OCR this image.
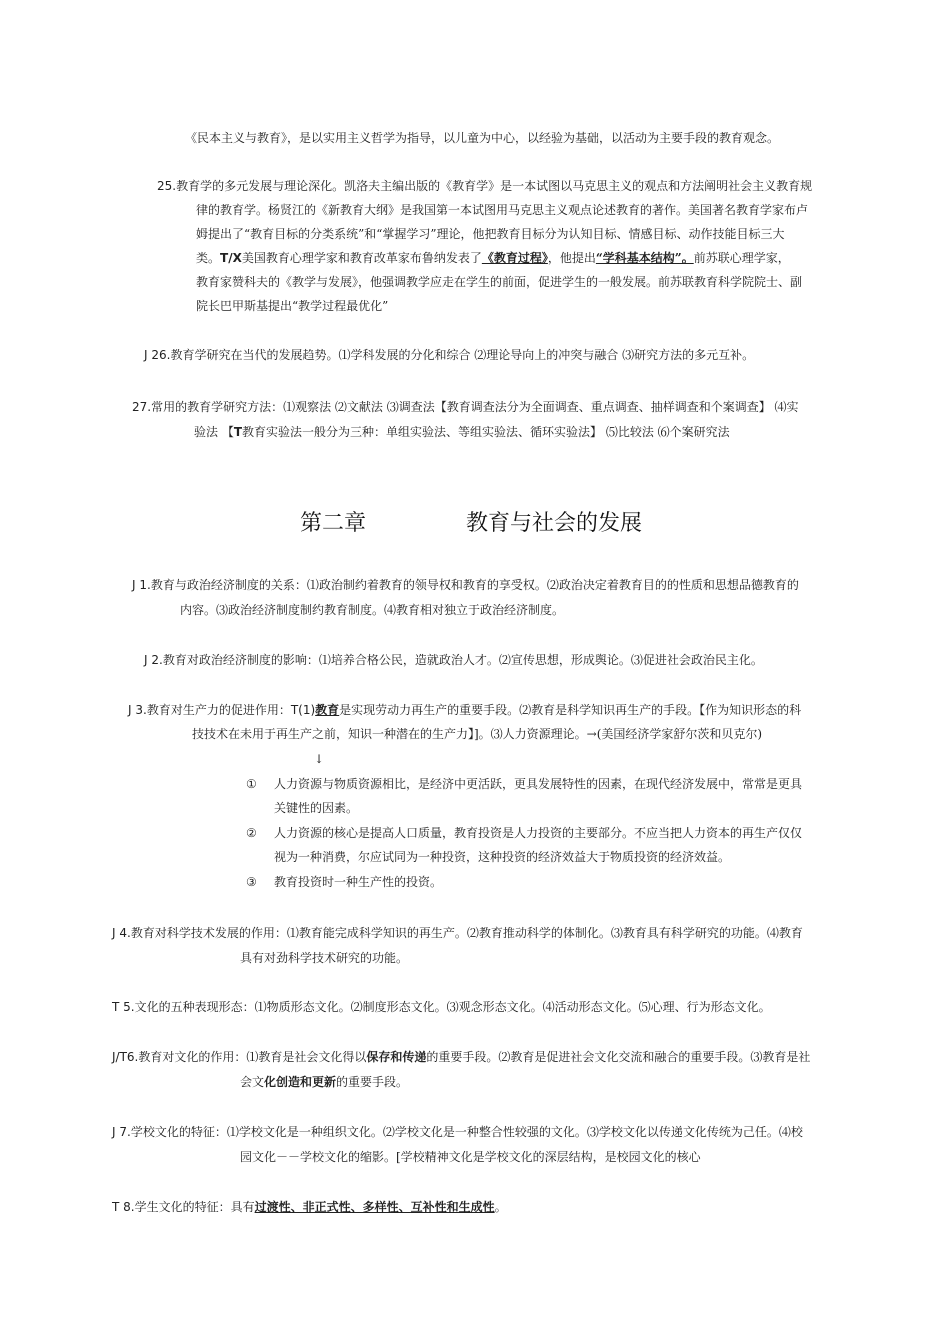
《民本主义与教育》，是以实用主义哲学为指导，以儿童为中心，以经验为基础，以活动为主要手段的教育观念。
25.教育学的多元发展与理论深化。凯洛夫主编出版的《教育学》是一本试图以马克思主义的观点和方法阐明社会主义教育规
律的教育学。杨贤江的《新教育大纲》是我国第一本试图用马克思主义观点论述教育的著作。美国著名教育学家布卢
姆提出了“教育目标的分类系统”和“掌握学习”理论，他把教育目标分为认知目标、情感目标、动作技能目标三大
类。T/X美国教育心理学家和教育改革家布鲁纳发表了《教育过程》，他提出“学科基本结构”。前苏联心理学家，
教育家赞科夫的《教学与发展》，他强调教学应走在学生的前面，促进学生的一般发展。前苏联教育科学院院士、副
院长巴甲斯基提出“教学过程最优化”
J 26.教育学研究在当代的发展趋势。⑴学科发展的分化和综合 ⑵理论导向上的冲突与融合 ⑶研究方法的多元互补。
27.常用的教育学研究方法：⑴观察法 ⑵文献法 ⑶调查法【教育调查法分为全面调查、重点调查、抽样调查和个案调查】 ⑷实
验法 【T教育实验法一般分为三种：单组实验法、等组实验法、循环实验法】 ⑸比较法 ⑹个案研究法
第二章	教育与社会的发展
J 1.教育与政治经济制度的关系：⑴政治制约着教育的领导权和教育的享受权。⑵政治决定着教育目的的性质和思想品德教育的
内容。⑶政治经济制度制约教育制度。⑷教育相对独立于政治经济制度。
J 2.教育对政治经济制度的影响：⑴培养合格公民，造就政治人才。⑵宣传思想，形成舆论。⑶促进社会政治民主化。
J 3.教育对生产力的促进作用：T(1)教育是实现劳动力再生产的重要手段。⑵教育是科学知识再生产的手段。【作为知识形态的科
技技术在未用于再生产之前，知识一种潜在的生产力】]。⑶人力资源理论。→(美国经济学家舒尔茨和贝克尔)
↓
① 人力资源与物质资源相比，是经济中更活跃，更具发展特性的因素，在现代经济发展中，常常是更具
关键性的因素。
② 人力资源的核心是提高人口质量，教育投资是人力投资的主要部分。不应当把人力资本的再生产仅仅
视为一种消费，尔应试同为一种投资，这种投资的经济效益大于物质投资的经济效益。
③ 教育投资时一种生产性的投资。
J 4.教育对科学技术发展的作用：⑴教育能完成科学知识的再生产。⑵教育推动科学的体制化。⑶教育具有科学研究的功能。⑷教育
具有对劲科学技术研究的功能。
T 5.文化的五种表现形态：⑴物质形态文化。⑵制度形态文化。⑶观念形态文化。⑷活动形态文化。⑸心理、行为形态文化。
J/T6.教育对文化的作用：⑴教育是社会文化得以保存和传递的重要手段。⑵教育是促进社会文化交流和融合的重要手段。⑶教育是社
会文化创造和更新的重要手段。
J 7.学校文化的特征：⑴学校文化是一种组织文化。⑵学校文化是一种整合性较强的文化。⑶学校文化以传递文化传统为己任。⑷校
园文化－－学校文化的缩影。[学校精神文化是学校文化的深层结构，是校园文化的核心
T 8.学生文化的特征：具有过渡性、非正式性、多样性、互补性和生成性。
